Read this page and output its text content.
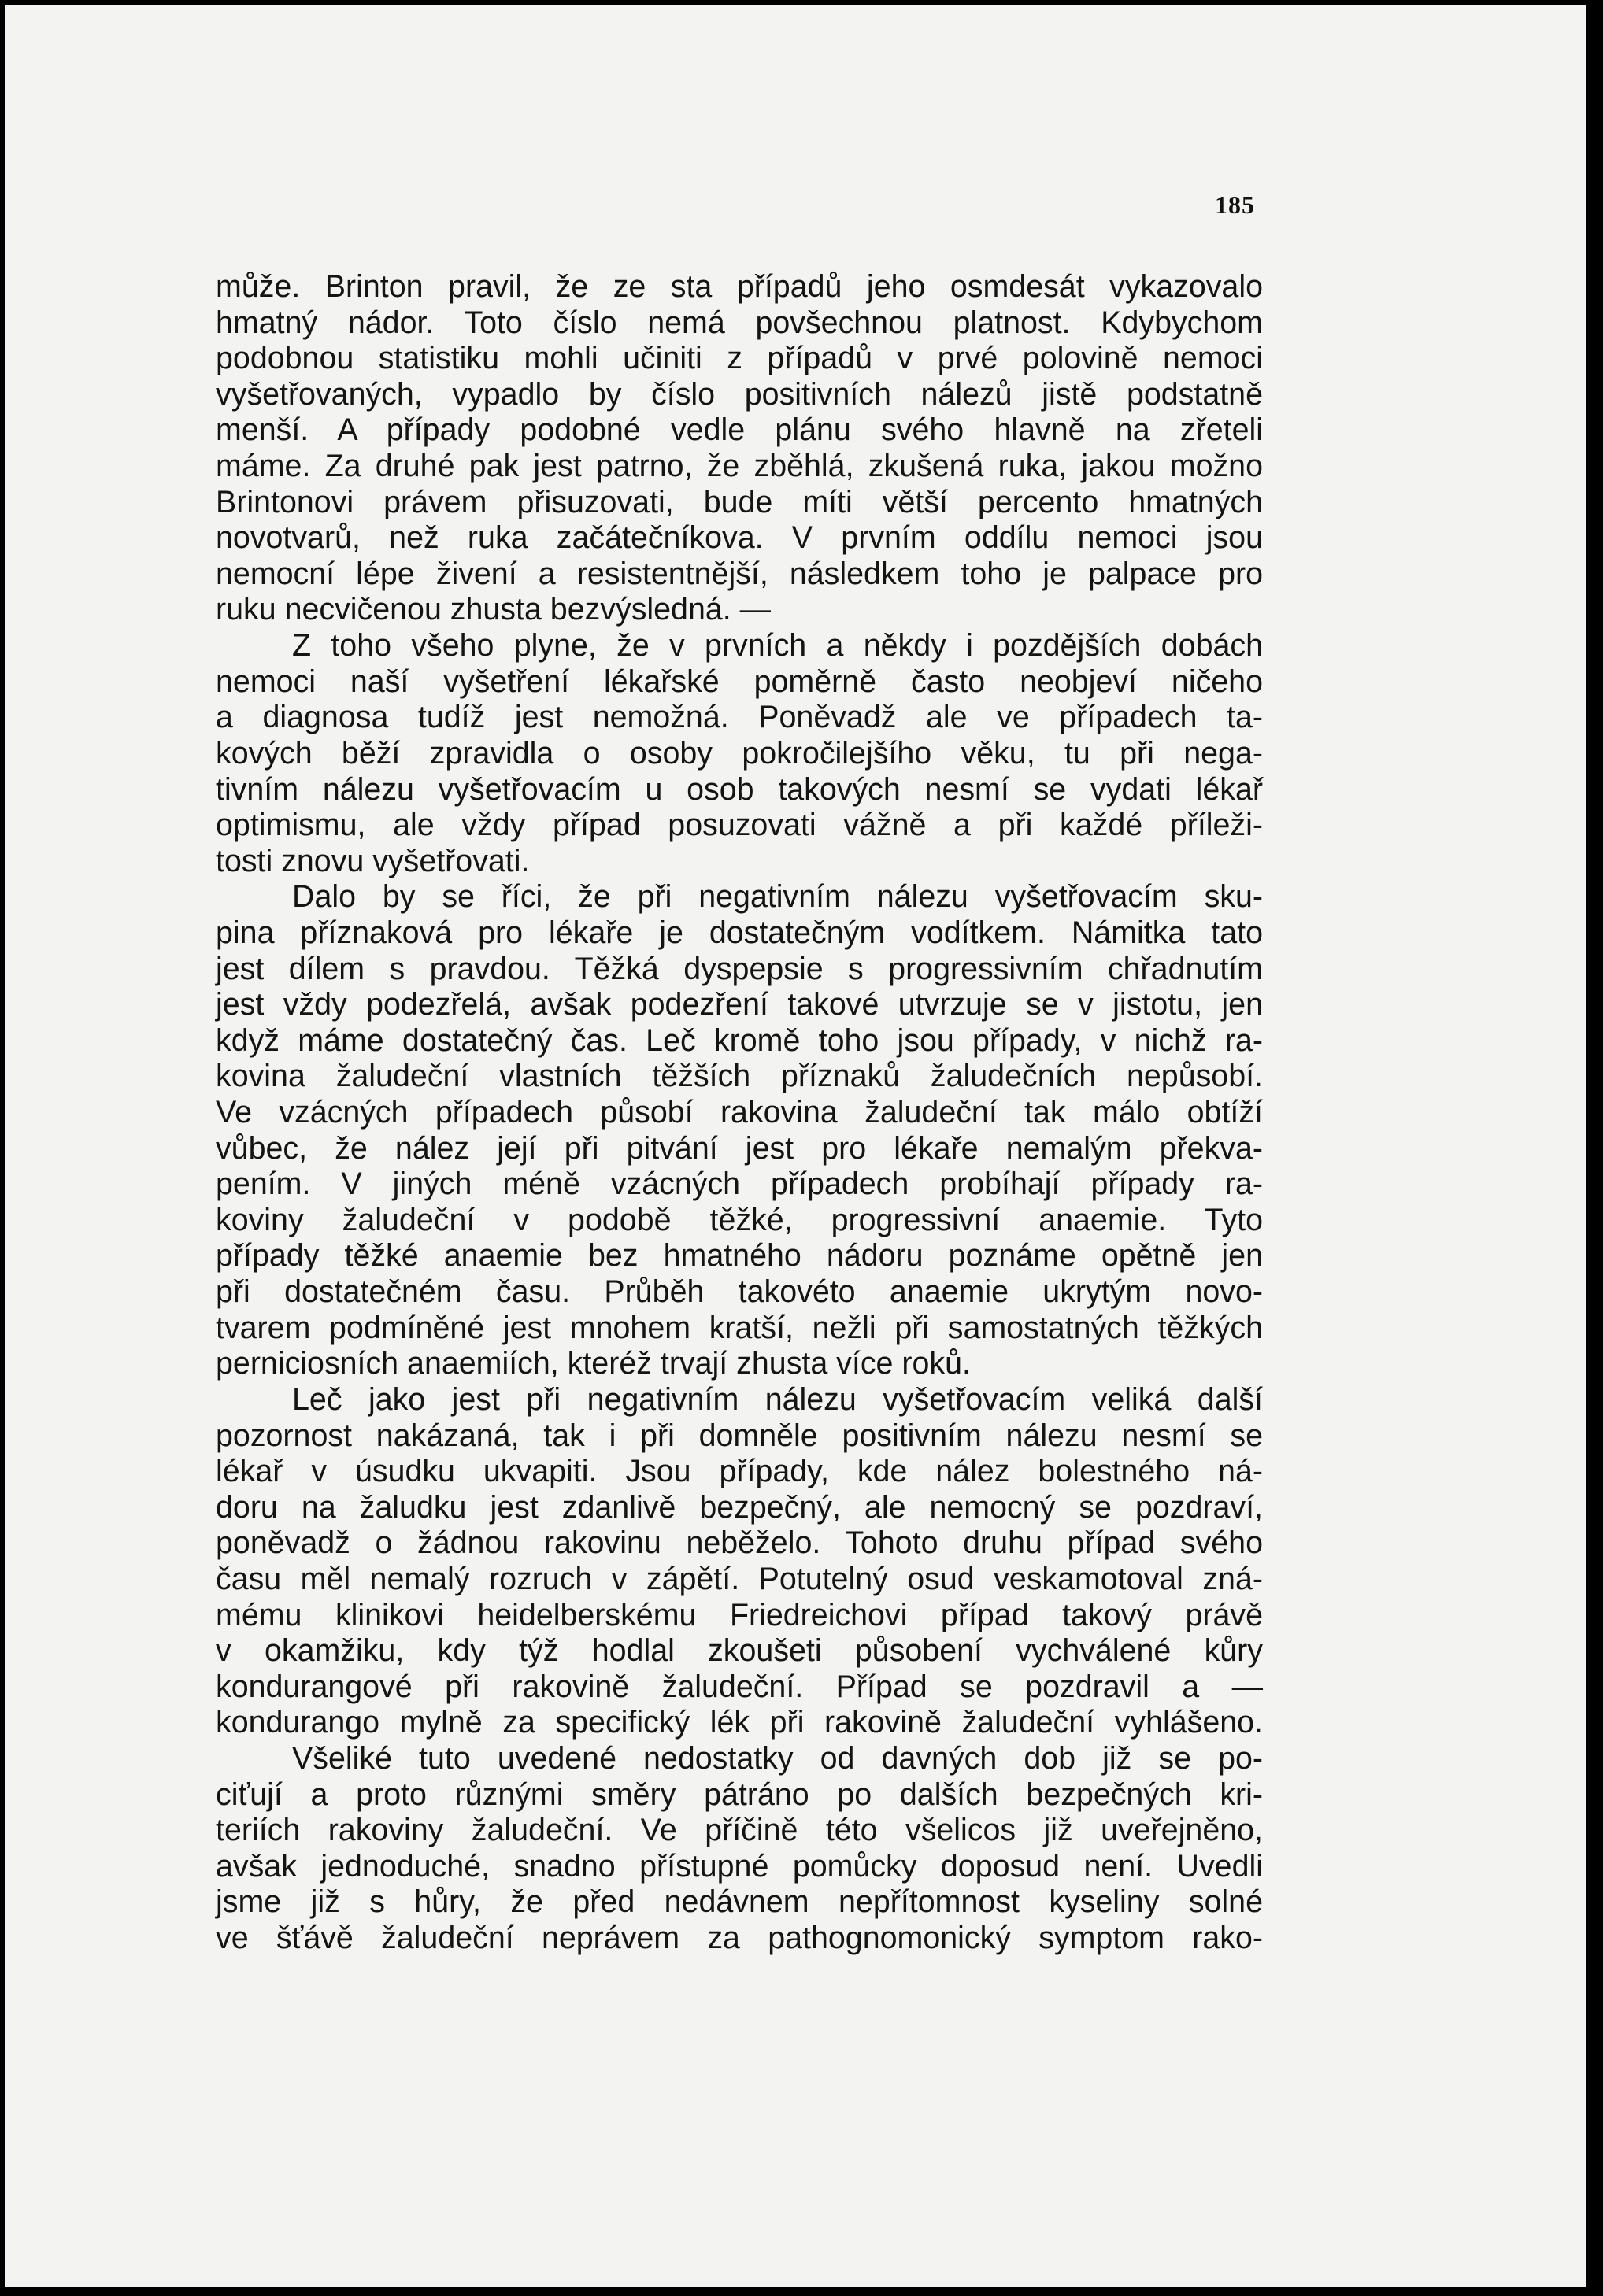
185
může. Brinton pravil, že ze sta případů jeho osmdesát vykazovalo
hmatný nádor. Toto číslo nemá povšechnou platnost. Kdybychom
podobnou statistiku mohli učiniti z případů v prvé polovině nemoci
vyšetřovaných, vypadlo by číslo positivních nálezů jistě podstatně
menší. A případy podobné vedle plánu svého hlavně na zřeteli
máme. Za druhé pak jest patrno, že zběhlá, zkušená ruka, jakou možno
Brintonovi právem přisuzovati, bude míti větší percento hmatných
novotvarů, než ruka začátečníkova. V prvním oddílu nemoci jsou
nemocní lépe živení a resistentnější, následkem toho je palpace pro
ruku necvičenou zhusta bezvýsledná. —
Z toho všeho plyne, že v prvních a někdy i pozdějších dobách
nemoci naší vyšetření lékařské poměrně často neobjeví ničeho
a diagnosa tudíž jest nemožná. Poněvadž ale ve případech ta-
kových běží zpravidla o osoby pokročilejšího věku, tu při nega-
tivním nálezu vyšetřovacím u osob takových nesmí se vydati lékař
optimismu, ale vždy případ posuzovati vážně a při každé příleži-
tosti znovu vyšetřovati.
Dalo by se říci, že při negativním nálezu vyšetřovacím sku-
pina příznaková pro lékaře je dostatečným vodítkem. Námitka tato
jest dílem s pravdou. Těžká dyspepsie s progressivním chřadnutím
jest vždy podezřelá, avšak podezření takové utvrzuje se v jistotu, jen
když máme dostatečný čas. Leč kromě toho jsou případy, v nichž ra-
kovina žaludeční vlastních těžších příznaků žaludečních nepůsobí.
Ve vzácných případech působí rakovina žaludeční tak málo obtíží
vůbec, že nález její při pitvání jest pro lékaře nemalým překva-
pením. V jiných méně vzácných případech probíhají případy ra-
koviny žaludeční v podobě těžké, progressivní anaemie. Tyto
případy těžké anaemie bez hmatného nádoru poznáme opětně jen
při dostatečném času. Průběh takovéto anaemie ukrytým novo-
tvarem podmíněné jest mnohem kratší, nežli při samostatných těžkých
perniciosních anaemiích, kteréž trvají zhusta více roků.
Leč jako jest při negativním nálezu vyšetřovacím veliká další
pozornost nakázaná, tak i při domněle positivním nálezu nesmí se
lékař v úsudku ukvapiti. Jsou případy, kde nález bolestného ná-
doru na žaludku jest zdanlivě bezpečný, ale nemocný se pozdraví,
poněvadž o žádnou rakovinu neběželo. Tohoto druhu případ svého
času měl nemalý rozruch v zápětí. Potutelný osud veskamotoval zná-
mému klinikovi heidelberskému Friedreichovi případ takový právě
v okamžiku, kdy týž hodlal zkoušeti působení vychválené kůry
kondurangové při rakovině žaludeční. Případ se pozdravil a —
kondurango mylně za specifický lék při rakovině žaludeční vyhlášeno.
Všeliké tuto uvedené nedostatky od davných dob již se po-
ciťují a proto různými směry pátráno po dalších bezpečných kri-
teriích rakoviny žaludeční. Ve příčině této všelicos již uveřejněno,
avšak jednoduché, snadno přístupné pomůcky doposud není. Uvedli
jsme již s hůry, že před nedávnem nepřítomnost kyseliny solné
ve šťávě žaludeční neprávem za pathognomonický symptom rako-
